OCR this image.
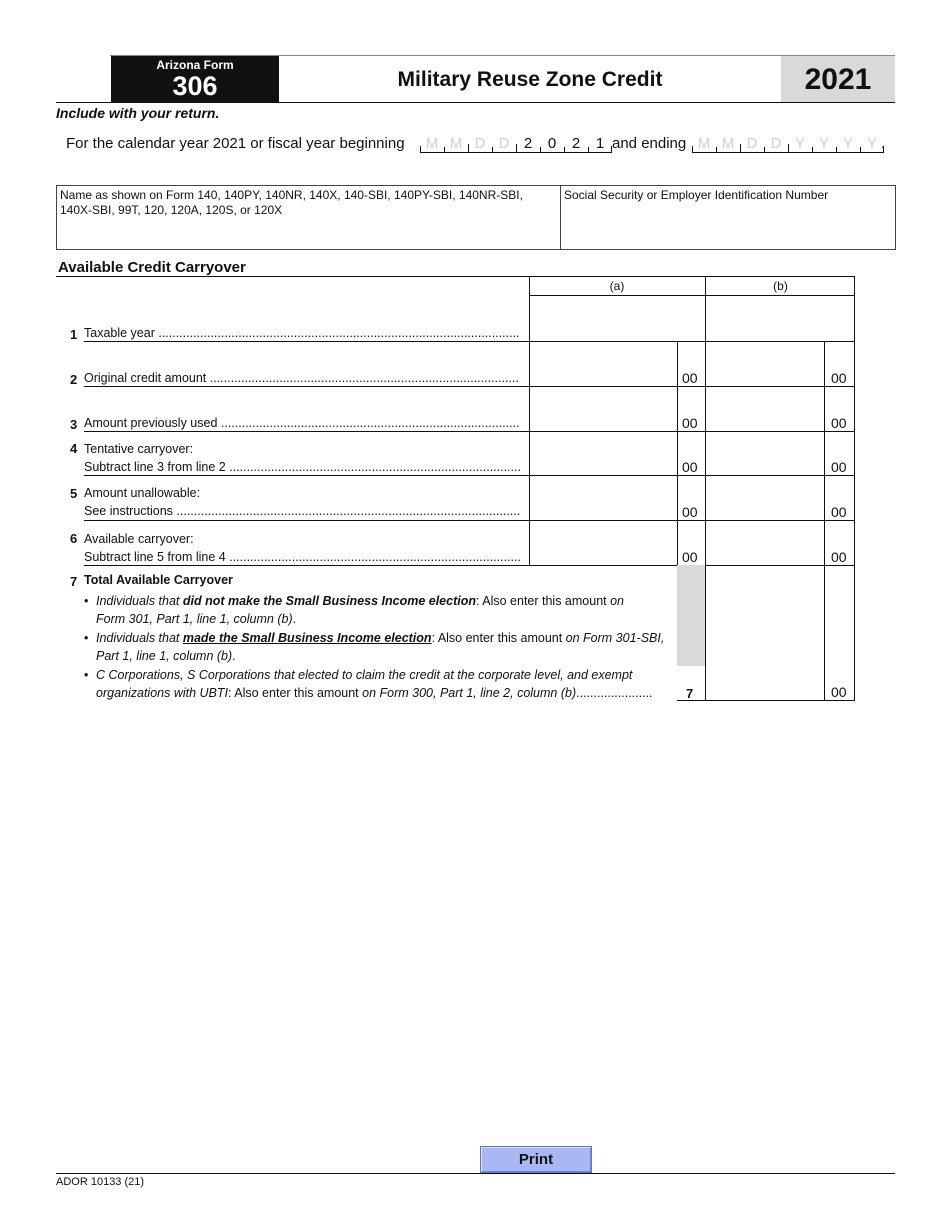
Arizona Form
306	Military Reuse Zone Credit	2021
Include with your return.
For the calendar year 2021 or fiscal year beginning	M M D D 2	0	2	1 and ending M M D D Y Y Y Y .
Name as shown on Form 140, 140PY, 140NR, 140X, 140-SBI, 140PY-SBI, 140NR-SBI, 140X-SBI, 99T, 120, 120A, 120S, or 120X
Social Security or Employer Identification Number
Available Credit Carryover
(a)	(b)
1 Taxable year .....
2 Original credit amount .....	00	00
3 Amount previously used .....	00	00
4 Tentative carryover:
Subtract line 3 from line 2 .....	00	00
5 Amount unallowable:
See instructions .....	00	00
6 Available carryover:
Subtract line 5 from line 4 .....	00	00
7 Total Available Carryover
• Individuals that did not make the Small Business Income election: Also enter this amount on
Form 301, Part 1, line 1, column (b).
• Individuals that made the Small Business Income election: Also enter this amount on Form 301-SBI,
Part 1, line 1, column (b).
• C Corporations, S Corporations that elected to claim the credit at the corporate level, and exempt
organizations with UBTI: Also enter this amount on Form 300, Part 1, line 2, column (b)......................	7	00
Print
ADOR 10133 (21)
